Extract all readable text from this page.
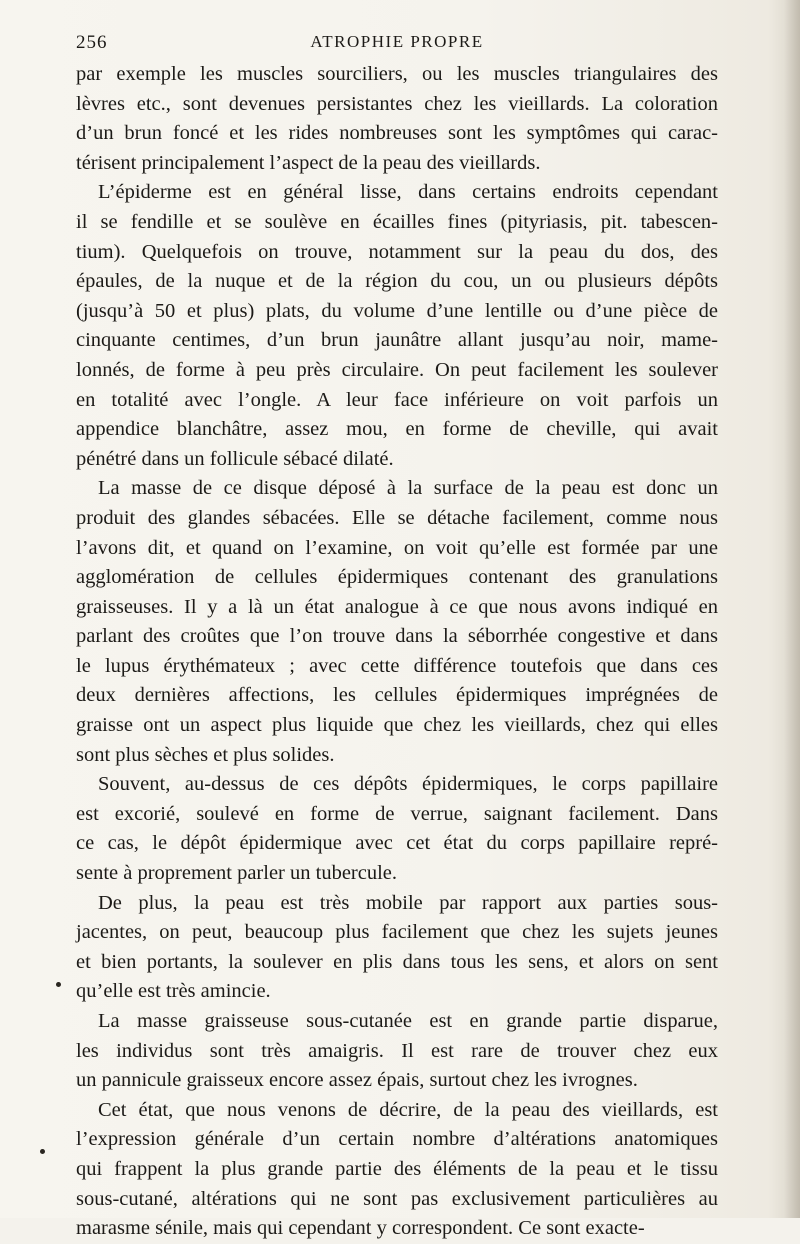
256	ATROPHIE PROPRE
par exemple les muscles sourciliers, ou les muscles triangulaires des
lèvres etc., sont devenues persistantes chez les vieillards. La coloration
d’un brun foncé et les rides nombreuses sont les symptômes qui carac-
térisent principalement l’aspect de la peau des vieillards.
L’épiderme est en général lisse, dans certains endroits cependant
il se fendille et se soulève en écailles fines (pityriasis, pit. tabescen-
tium). Quelquefois on trouve, notamment sur la peau du dos, des
épaules, de la nuque et de la région du cou, un ou plusieurs dépôts
(jusqu’à 50 et plus) plats, du volume d’une lentille ou d’une pièce de
cinquante centimes, d’un brun jaunâtre allant jusqu’au noir, mame-
lonnés, de forme à peu près circulaire. On peut facilement les soulever
en totalité avec l’ongle. A leur face inférieure on voit parfois un
appendice blanchâtre, assez mou, en forme de cheville, qui avait
pénétré dans un follicule sébacé dilaté.
La masse de ce disque déposé à la surface de la peau est donc un
produit des glandes sébacées. Elle se détache facilement, comme nous
l’avons dit, et quand on l’examine, on voit qu’elle est formée par une
agglomération de cellules épidermiques contenant des granulations
graisseuses. Il y a là un état analogue à ce que nous avons indiqué en
parlant des croûtes que l’on trouve dans la séborrhée congestive et dans
le lupus érythémateux ; avec cette différence toutefois que dans ces
deux dernières affections, les cellules épidermiques imprégnées de
graisse ont un aspect plus liquide que chez les vieillards, chez qui elles
sont plus sèches et plus solides.
Souvent, au-dessus de ces dépôts épidermiques, le corps papillaire
est excorié, soulevé en forme de verrue, saignant facilement. Dans
ce cas, le dépôt épidermique avec cet état du corps papillaire repré-
sente à proprement parler un tubercule.
De plus, la peau est très mobile par rapport aux parties sous-
jacentes, on peut, beaucoup plus facilement que chez les sujets jeunes
et bien portants, la soulever en plis dans tous les sens, et alors on sent
qu’elle est très amincie.
La masse graisseuse sous-cutanée est en grande partie disparue,
les individus sont très amaigris. Il est rare de trouver chez eux
un pannicule graisseux encore assez épais, surtout chez les ivrognes.
Cet état, que nous venons de décrire, de la peau des vieillards, est
l’expression générale d’un certain nombre d’altérations anatomiques
qui frappent la plus grande partie des éléments de la peau et le tissu
sous-cutané, altérations qui ne sont pas exclusivement particulières au
marasme sénile, mais qui cependant y correspondent. Ce sont exacte-
